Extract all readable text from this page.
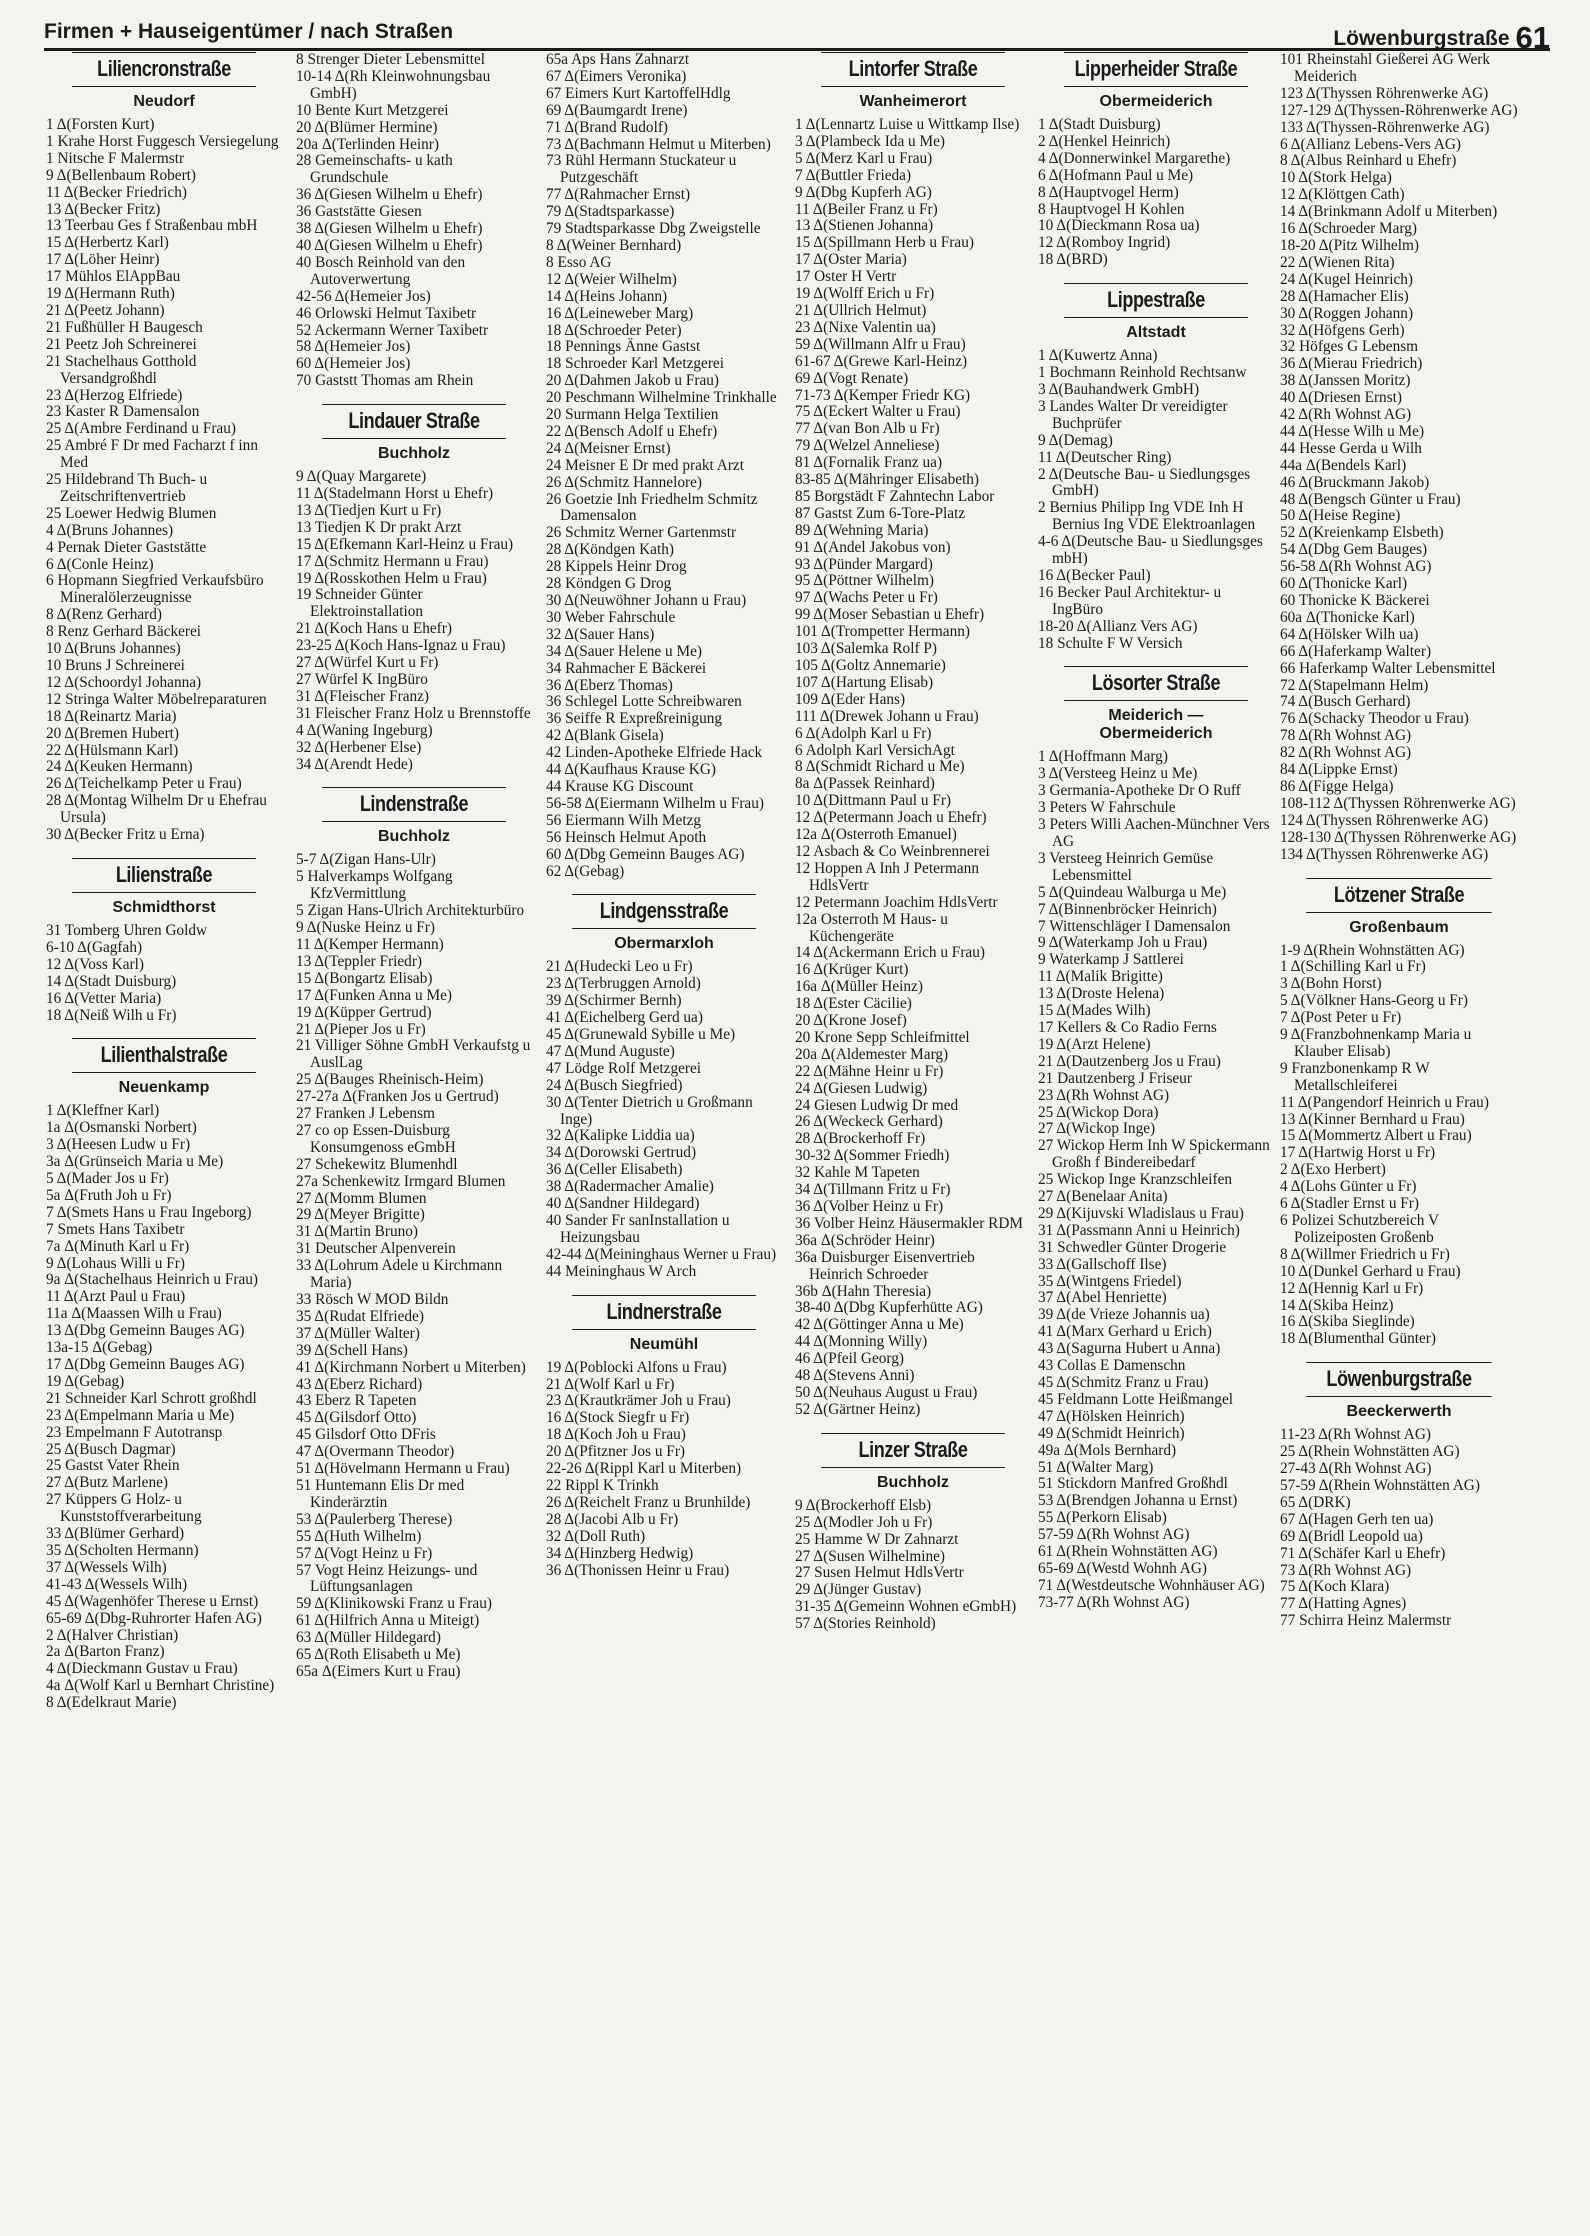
Firmen + Hauseigentümer / nach Straßen	Löwenburgstraße 61
Liliencronstraße
Neudorf
1 Δ(Forsten Kurt)
1 Krahe Horst Fuggesch Versiegelung
1 Nitsche F Malermstr
9 Δ(Bellenbaum Robert)
11 Δ(Becker Friedrich)
13 Δ(Becker Fritz)
13 Teerbau Ges f Straßenbau mbH
15 Δ(Herbertz Karl)
17 Δ(Löher Heinr)
17 Mühlos ElAppBau
19 Δ(Hermann Ruth)
21 Δ(Peetz Johann)
21 Fußhüller H Baugesch
21 Peetz Joh Schreinerei
21 Stachelhaus Gotthold Versandgroßhdl
23 Δ(Herzog Elfriede)
23 Kaster R Damensalon
25 Δ(Ambre Ferdinand u Frau)
25 Ambré F Dr med Facharzt f inn Med
25 Hildebrand Th Buch- u Zeitschriftenvertrieb
25 Loewer Hedwig Blumen
4 Δ(Bruns Johannes)
4 Pernak Dieter Gaststätte
6 Δ(Conle Heinz)
6 Hopmann Siegfried Verkaufsbüro Mineralölerzeugnisse
8 Δ(Renz Gerhard)
8 Renz Gerhard Bäckerei
10 Δ(Bruns Johannes)
10 Bruns J Schreinerei
12 Δ(Schoordyl Johanna)
12 Stringa Walter Möbelreparaturen
18 Δ(Reinartz Maria)
20 Δ(Bremen Hubert)
22 Δ(Hülsmann Karl)
24 Δ(Keuken Hermann)
26 Δ(Teichelkamp Peter u Frau)
28 Δ(Montag Wilhelm Dr u Ehefrau Ursula)
30 Δ(Becker Fritz u Erna)
Lilienstraße
Schmidthorst
31 Tomberg Uhren Goldw
6-10 Δ(Gagfah)
12 Δ(Voss Karl)
14 Δ(Stadt Duisburg)
16 Δ(Vetter Maria)
18 Δ(Neiß Wilh u Fr)
Lilienthalstraße
Neuenkamp
1 Δ(Kleffner Karl)
1a Δ(Osmanski Norbert)
3 Δ(Heesen Ludw u Fr)
3a Δ(Grünseich Maria u Me)
5 Δ(Mader Jos u Fr)
5a Δ(Fruth Joh u Fr)
7 Δ(Smets Hans u Frau Ingeborg)
7 Smets Hans Taxibetr
7a Δ(Minuth Karl u Fr)
9 Δ(Lohaus Willi u Fr)
9a Δ(Stachelhaus Heinrich u Frau)
11 Δ(Arzt Paul u Frau)
11a Δ(Maassen Wilh u Frau)
13 Δ(Dbg Gemeinn Bauges AG)
13a-15 Δ(Gebag)
17 Δ(Dbg Gemeinn Bauges AG)
19 Δ(Gebag)
21 Schneider Karl Schrott großhdl
23 Δ(Empelmann Maria u Me)
23 Empelmann F Autotransp
25 Δ(Busch Dagmar)
25 Gastst Vater Rhein
27 Δ(Butz Marlene)
27 Küppers G Holz- u Kunststoffverarbeitung
33 Δ(Blümer Gerhard)
35 Δ(Scholten Hermann)
37 Δ(Wessels Wilh)
41-43 Δ(Wessels Wilh)
45 Δ(Wagenhöfer Therese u Ernst)
65-69 Δ(Dbg-Ruhrorter Hafen AG)
2 Δ(Halver Christian)
2a Δ(Barton Franz)
4 Δ(Dieckmann Gustav u Frau)
4a Δ(Wolf Karl u Bernhart Christine)
8 Δ(Edelkraut Marie)
8 Strenger Dieter Lebensmittel
10-14 Δ(Rh Kleinwohnungsbau GmbH)
10 Bente Kurt Metzgerei
20 Δ(Blümer Hermine)
20a Δ(Terlinden Heinr)
28 Gemeinschafts- u kath Grundschule
36 Δ(Giesen Wilhelm u Ehefr)
36 Gaststätte Giesen
38 Δ(Giesen Wilhelm u Ehefr)
40 Δ(Giesen Wilhelm u Ehefr)
40 Bosch Reinhold van den Autoverwertung
42-56 Δ(Hemeier Jos)
46 Orlowski Helmut Taxibetr
52 Ackermann Werner Taxibetr
58 Δ(Hemeier Jos)
60 Δ(Hemeier Jos)
70 Gaststt Thomas am Rhein
Lindauer Straße
Buchholz
9 Δ(Quay Margarete)
11 Δ(Stadelmann Horst u Ehefr)
13 Δ(Tiedjen Kurt u Fr)
13 Tiedjen K Dr prakt Arzt
15 Δ(Efkemann Karl-Heinz u Frau)
17 Δ(Schmitz Hermann u Frau)
19 Δ(Rosskothen Helm u Frau)
19 Schneider Günter Elektroinstallation
21 Δ(Koch Hans u Ehefr)
23-25 Δ(Koch Hans-Ignaz u Frau)
27 Δ(Würfel Kurt u Fr)
27 Würfel K IngBüro
31 Δ(Fleischer Franz)
31 Fleischer Franz Holz u Brennstoffe
4 Δ(Waning Ingeburg)
32 Δ(Herbener Else)
34 Δ(Arendt Hede)
Lindenstraße
Buchholz
5-7 Δ(Zigan Hans-Ulr)
5 Halverkamps Wolfgang KfzVermittlung
5 Zigan Hans-Ulrich Architekturbüro
9 Δ(Nuske Heinz u Fr)
11 Δ(Kemper Hermann)
13 Δ(Teppler Friedr)
15 Δ(Bongartz Elisab)
17 Δ(Funken Anna u Me)
19 Δ(Küpper Gertrud)
21 Δ(Pieper Jos u Fr)
21 Villiger Söhne GmbH Verkaufstg u AuslLag
25 Δ(Bauges Rheinisch-Heim)
27-27a Δ(Franken Jos u Gertrud)
27 Franken J Lebensm
27 co op Essen-Duisburg Konsumgenoss eGmbH
27 Schekewitz Blumenhdl
27a Schenkewitz Irmgard Blumen
27 Δ(Momm Blumen
29 Δ(Meyer Brigitte)
31 Δ(Martin Bruno)
31 Deutscher Alpenverein
33 Δ(Lohrum Adele u Kirchmann Maria)
33 Rösch W MOD Bildn
35 Δ(Rudat Elfriede)
37 Δ(Müller Walter)
39 Δ(Schell Hans)
41 Δ(Kirchmann Norbert u Miterben)
43 Δ(Eberz Richard)
43 Eberz R Tapeten
45 Δ(Gilsdorf Otto)
45 Gilsdorf Otto DFris
47 Δ(Overmann Theodor)
51 Δ(Hövelmann Hermann u Frau)
51 Huntemann Elis Dr med Kinderärztin
53 Δ(Paulerberg Therese)
55 Δ(Huth Wilhelm)
57 Δ(Vogt Heinz u Fr)
57 Vogt Heinz Heizungs- und Lüftungsanlagen
59 Δ(Klinikowski Franz u Frau)
61 Δ(Hilfrich Anna u Miteigt)
63 Δ(Müller Hildegard)
65 Δ(Roth Elisabeth u Me)
65a Δ(Eimers Kurt u Frau)
65a Aps Hans Zahnarzt
67 Δ(Eimers Veronika)
67 Eimers Kurt KartoffelHdlg
69 Δ(Baumgardt Irene)
71 Δ(Brand Rudolf)
73 Δ(Bachmann Helmut u Miterben)
73 Rühl Hermann Stuckateur u Putzgeschäft
77 Δ(Rahmacher Ernst)
79 Δ(Stadtsparkasse)
79 Stadtsparkasse Dbg Zweigstelle
8 Δ(Weiner Bernhard)
8 Esso AG
12 Δ(Weier Wilhelm)
14 Δ(Heins Johann)
16 Δ(Leineweber Marg)
18 Δ(Schroeder Peter)
18 Pennings Änne Gastst
18 Schroeder Karl Metzgerei
20 Δ(Dahmen Jakob u Frau)
20 Peschmann Wilhelmine Trinkhalle
20 Surmann Helga Textilien
22 Δ(Bensch Adolf u Ehefr)
24 Δ(Meisner Ernst)
24 Meisner E Dr med prakt Arzt
26 Δ(Schmitz Hannelore)
26 Goetzie Inh Friedhelm Schmitz Damensalon
26 Schmitz Werner Gartenmstr
28 Δ(Köndgen Kath)
28 Kippels Heinr Drog
28 Köndgen G Drog
30 Δ(Neuwöhner Johann u Frau)
30 Weber Fahrschule
32 Δ(Sauer Hans)
34 Δ(Sauer Helene u Me)
34 Rahmacher E Bäckerei
36 Δ(Eberz Thomas)
36 Schlegel Lotte Schreibwaren
36 Seiffe R Expreßreinigung
42 Δ(Blank Gisela)
42 Linden-Apotheke Elfriede Hack
44 Δ(Kaufhaus Krause KG)
44 Krause KG Discount
56-58 Δ(Eiermann Wilhelm u Frau)
56 Eiermann Wilh Metzg
56 Heinsch Helmut Apoth
60 Δ(Dbg Gemeinn Bauges AG)
62 Δ(Gebag)
Lindgensstraße
Obermarxloh
21 Δ(Hudecki Leo u Fr)
23 Δ(Terbruggen Arnold)
39 Δ(Schirmer Bernh)
41 Δ(Eichelberg Gerd ua)
45 Δ(Grunewald Sybille u Me)
47 Δ(Mund Auguste)
47 Lödge Rolf Metzgerei
24 Δ(Busch Siegfried)
30 Δ(Tenter Dietrich u Großmann Inge)
32 Δ(Kalipke Liddia ua)
34 Δ(Dorowski Gertrud)
36 Δ(Celler Elisabeth)
38 Δ(Radermacher Amalie)
40 Δ(Sandner Hildegard)
40 Sander Fr sanInstallation u Heizungsbau
42-44 Δ(Meininghaus Werner u Frau)
44 Meininghaus W Arch
Lindnerstraße
Neumühl
19 Δ(Poblocki Alfons u Frau)
21 Δ(Wolf Karl u Fr)
23 Δ(Krautkrämer Joh u Frau)
16 Δ(Stock Siegfr u Fr)
18 Δ(Koch Joh u Frau)
20 Δ(Pfitzner Jos u Fr)
22-26 Δ(Rippl Karl u Miterben)
22 Rippl K Trinkh
26 Δ(Reichelt Franz u Brunhilde)
28 Δ(Jacobi Alb u Fr)
32 Δ(Doll Ruth)
34 Δ(Hinzberg Hedwig)
36 Δ(Thonissen Heinr u Frau)
Lintorfer Straße
Wanheimerort
1 Δ(Lennartz Luise u Wittkamp Ilse)
3 Δ(Plambeck Ida u Me)
5 Δ(Merz Karl u Frau)
7 Δ(Buttler Frieda)
9 Δ(Dbg Kupferh AG)
11 Δ(Beiler Franz u Fr)
13 Δ(Stienen Johanna)
15 Δ(Spillmann Herb u Frau)
17 Δ(Oster Maria)
17 Oster H Vertr
19 Δ(Wolff Erich u Fr)
21 Δ(Ullrich Helmut)
23 Δ(Nixe Valentin ua)
59 Δ(Willmann Alfr u Frau)
61-67 Δ(Grewe Karl-Heinz)
69 Δ(Vogt Renate)
71-73 Δ(Kemper Friedr KG)
75 Δ(Eckert Walter u Frau)
77 Δ(van Bon Alb u Fr)
79 Δ(Welzel Anneliese)
81 Δ(Fornalik Franz ua)
83-85 Δ(Mähringer Elisabeth)
85 Borgstädt F Zahntechn Labor
87 Gastst Zum 6-Tore-Platz
89 Δ(Wehning Maria)
91 Δ(Andel Jakobus von)
93 Δ(Pünder Margard)
95 Δ(Pöttner Wilhelm)
97 Δ(Wachs Peter u Fr)
99 Δ(Moser Sebastian u Ehefr)
101 Δ(Trompetter Hermann)
103 Δ(Salemka Rolf P)
105 Δ(Goltz Annemarie)
107 Δ(Hartung Elisab)
109 Δ(Eder Hans)
111 Δ(Drewek Johann u Frau)
6 Δ(Adolph Karl u Fr)
6 Adolph Karl VersichAgt
8 Δ(Schmidt Richard u Me)
8a Δ(Passek Reinhard)
10 Δ(Dittmann Paul u Fr)
12 Δ(Petermann Joach u Ehefr)
12a Δ(Osterroth Emanuel)
12 Asbach & Co Weinbrennerei
12 Hoppen A Inh J Petermann HdlsVertr
12 Petermann Joachim HdlsVertr
12a Osterroth M Haus- u Küchengeräte
14 Δ(Ackermann Erich u Frau)
16 Δ(Krüger Kurt)
16a Δ(Müller Heinz)
18 Δ(Ester Cäcilie)
20 Δ(Krone Josef)
20 Krone Sepp Schleifmittel
20a Δ(Aldemester Marg)
22 Δ(Mähne Heinr u Fr)
24 Δ(Giesen Ludwig)
24 Giesen Ludwig Dr med
26 Δ(Weckeck Gerhard)
28 Δ(Brockerhoff Fr)
30-32 Δ(Sommer Friedh)
32 Kahle M Tapeten
34 Δ(Tillmann Fritz u Fr)
36 Δ(Volber Heinz u Fr)
36 Volber Heinz Häusermakler RDM
36a Δ(Schröder Heinr)
36a Duisburger Eisenvertrieb Heinrich Schroeder
36b Δ(Hahn Theresia)
38-40 Δ(Dbg Kupferhütte AG)
42 Δ(Göttinger Anna u Me)
44 Δ(Monning Willy)
46 Δ(Pfeil Georg)
48 Δ(Stevens Anni)
50 Δ(Neuhaus August u Frau)
52 Δ(Gärtner Heinz)
Linzer Straße
Buchholz
9 Δ(Brockerhoff Elsb)
25 Δ(Modler Joh u Fr)
25 Hamme W Dr Zahnarzt
27 Δ(Susen Wilhelmine)
27 Susen Helmut HdlsVertr
29 Δ(Jünger Gustav)
31-35 Δ(Gemeinn Wohnen eGmbH)
57 Δ(Stories Reinhold)
Lipperheider Straße
Obermeiderich
1 Δ(Stadt Duisburg)
2 Δ(Henkel Heinrich)
4 Δ(Donnerwinkel Margarethe)
6 Δ(Hofmann Paul u Me)
8 Δ(Hauptvogel Herm)
8 Hauptvogel H Kohlen
10 Δ(Dieckmann Rosa ua)
12 Δ(Romboy Ingrid)
18 Δ(BRD)
Lippestraße
Altstadt
1 Δ(Kuwertz Anna)
1 Bochmann Reinhold Rechtsanw
3 Δ(Bauhandwerk GmbH)
3 Landes Walter Dr vereidigter Buchprüfer
9 Δ(Demag)
11 Δ(Deutscher Ring)
2 Δ(Deutsche Bau- u Siedlungsges GmbH)
2 Bernius Philipp Ing VDE Inh H Bernius Ing VDE Elektroanlagen
4-6 Δ(Deutsche Bau- u Siedlungsges mbH)
16 Δ(Becker Paul)
16 Becker Paul Architektur- u IngBüro
18-20 Δ(Allianz Vers AG)
18 Schulte F W Versich
Lösorter Straße
Meiderich —
Obermeiderich
1 Δ(Hoffmann Marg)
3 Δ(Versteeg Heinz u Me)
3 Germania-Apotheke Dr O Ruff
3 Peters W Fahrschule
3 Peters Willi Aachen-Münchner Vers AG
3 Versteeg Heinrich Gemüse Lebensmittel
5 Δ(Quindeau Walburga u Me)
7 Δ(Binnenbröcker Heinrich)
7 Wittenschläger I Damensalon
9 Δ(Waterkamp Joh u Frau)
9 Waterkamp J Sattlerei
11 Δ(Malik Brigitte)
13 Δ(Droste Helena)
15 Δ(Mades Wilh)
17 Kellers & Co Radio Ferns
19 Δ(Arzt Helene)
21 Δ(Dautzenberg Jos u Frau)
21 Dautzenberg J Friseur
23 Δ(Rh Wohnst AG)
25 Δ(Wickop Dora)
27 Δ(Wickop Inge)
27 Wickop Herm Inh W Spickermann Großh f Bindereibedarf
25 Wickop Inge Kranzschleifen
27 Δ(Benelaar Anita)
29 Δ(Kijuvski Wladislaus u Frau)
31 Δ(Passmann Anni u Heinrich)
31 Schwedler Günter Drogerie
33 Δ(Gallschoff Ilse)
35 Δ(Wintgens Friedel)
37 Δ(Abel Henriette)
39 Δ(de Vrieze Johannis ua)
41 Δ(Marx Gerhard u Erich)
43 Δ(Sagurna Hubert u Anna)
43 Collas E Damenschn
45 Δ(Schmitz Franz u Frau)
45 Feldmann Lotte Heißmangel
47 Δ(Hölsken Heinrich)
49 Δ(Schmidt Heinrich)
49a Δ(Mols Bernhard)
51 Δ(Walter Marg)
51 Stickdorn Manfred Großhdl
53 Δ(Brendgen Johanna u Ernst)
55 Δ(Perkorn Elisab)
57-59 Δ(Rh Wohnst AG)
61 Δ(Rhein Wohnstätten AG)
65-69 Δ(Westd Wohnh AG)
71 Δ(Westdeutsche Wohnhäuser AG)
73-77 Δ(Rh Wohnst AG)
101 Rheinstahl Gießerei AG Werk Meiderich
123 Δ(Thyssen Röhrenwerke AG)
127-129 Δ(Thyssen-Röhrenwerke AG)
133 Δ(Thyssen-Röhrenwerke AG)
6 Δ(Allianz Lebens-Vers AG)
8 Δ(Albus Reinhard u Ehefr)
10 Δ(Stork Helga)
12 Δ(Klöttgen Cath)
14 Δ(Brinkmann Adolf u Miterben)
16 Δ(Schroeder Marg)
18-20 Δ(Pitz Wilhelm)
22 Δ(Wienen Rita)
24 Δ(Kugel Heinrich)
28 Δ(Hamacher Elis)
30 Δ(Roggen Johann)
32 Δ(Höfgens Gerh)
32 Höfges G Lebensm
36 Δ(Mierau Friedrich)
38 Δ(Janssen Moritz)
40 Δ(Driesen Ernst)
42 Δ(Rh Wohnst AG)
44 Δ(Hesse Wilh u Me)
44 Hesse Gerda u Wilh
44a Δ(Bendels Karl)
46 Δ(Bruckmann Jakob)
48 Δ(Bengsch Günter u Frau)
50 Δ(Heise Regine)
52 Δ(Kreienkamp Elsbeth)
54 Δ(Dbg Gem Bauges)
56-58 Δ(Rh Wohnst AG)
60 Δ(Thonicke Karl)
60 Thonicke K Bäckerei
60a Δ(Thonicke Karl)
64 Δ(Hölsker Wilh ua)
66 Δ(Haferkamp Walter)
66 Haferkamp Walter Lebensmittel
72 Δ(Stapelmann Helm)
74 Δ(Busch Gerhard)
76 Δ(Schacky Theodor u Frau)
78 Δ(Rh Wohnst AG)
82 Δ(Rh Wohnst AG)
84 Δ(Lippke Ernst)
86 Δ(Figge Helga)
108-112 Δ(Thyssen Röhrenwerke AG)
124 Δ(Thyssen Röhrenwerke AG)
128-130 Δ(Thyssen Röhrenwerke AG)
134 Δ(Thyssen Röhrenwerke AG)
Lötzener Straße
Großenbaum
1-9 Δ(Rhein Wohnstätten AG)
1 Δ(Schilling Karl u Fr)
3 Δ(Bohn Horst)
5 Δ(Völkner Hans-Georg u Fr)
7 Δ(Post Peter u Fr)
9 Δ(Franzbohnenkamp Maria u Klauber Elisab)
9 Franzbonenkamp R W Metallschleiferei
11 Δ(Pangendorf Heinrich u Frau)
13 Δ(Kinner Bernhard u Frau)
15 Δ(Mommertz Albert u Frau)
17 Δ(Hartwig Horst u Fr)
2 Δ(Exo Herbert)
4 Δ(Lohs Günter u Fr)
6 Δ(Stadler Ernst u Fr)
6 Polizei Schutzbereich V Polizeiposten Großenb
8 Δ(Willmer Friedrich u Fr)
10 Δ(Dunkel Gerhard u Frau)
12 Δ(Hennig Karl u Fr)
14 Δ(Skiba Heinz)
16 Δ(Skiba Sieglinde)
18 Δ(Blumenthal Günter)
Löwenburgstraße
Beeckerwerth
11-23 Δ(Rh Wohnst AG)
25 Δ(Rhein Wohnstätten AG)
27-43 Δ(Rh Wohnst AG)
57-59 Δ(Rhein Wohnstätten AG)
65 Δ(DRK)
67 Δ(Hagen Gerh ten ua)
69 Δ(Bridl Leopold ua)
71 Δ(Schäfer Karl u Ehefr)
73 Δ(Rh Wohnst AG)
75 Δ(Koch Klara)
77 Δ(Hatting Agnes)
77 Schirra Heinz Malermstr
